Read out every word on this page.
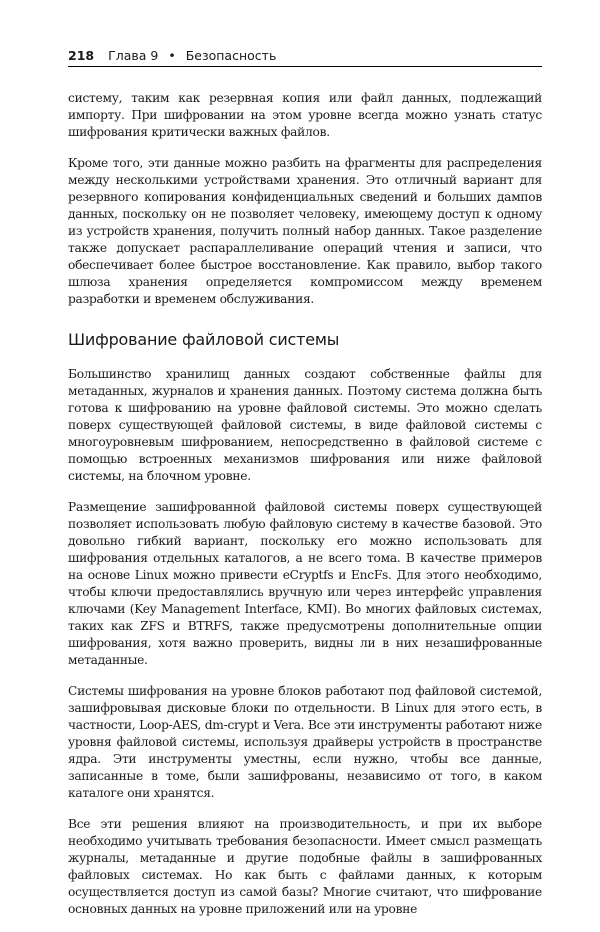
218 Глава 9 • Безопасность

систему, таким как резервная копия или файл данных, подлежащий импорту. При шифровании на этом уровне всегда можно узнать статус шифрования критически важных файлов.

Кроме того, эти данные можно разбить на фрагменты для распределения между несколькими устройствами хранения. Это отличный вариант для резервного копирования конфиденциальных сведений и больших дампов данных, поскольку он не позволяет человеку, имеющему доступ к одному из устройств хранения, получить полный набор данных. Такое разделение также допускает распараллеливание операций чтения и записи, что обеспечивает более быстрое восстановление. Как правило, выбор такого шлюза хранения определяется компромиссом между временем разработки и временем обслуживания.

Шифрование файловой системы

Большинство хранилищ данных создают собственные файлы для метаданных, журналов и хранения данных. Поэтому система должна быть готова к шифрованию на уровне файловой системы. Это можно сделать поверх существующей файловой системы, в виде файловой системы с многоуровневым шифрованием, непосредственно в файловой системе с помощью встроенных механизмов шифрования или ниже файловой системы, на блочном уровне.

Размещение зашифрованной файловой системы поверх существующей позволяет использовать любую файловую систему в качестве базовой. Это довольно гибкий вариант, поскольку его можно использовать для шифрования отдельных каталогов, а не всего тома. В качестве примеров на основе Linux можно привести eCryptfs и EncFs. Для этого необходимо, чтобы ключи предоставлялись вручную или через интерфейс управления ключами (Key Management Interface, KMI). Во многих файловых системах, таких как ZFS и BTRFS, также предусмотрены дополнительные опции шифрования, хотя важно проверить, видны ли в них незашифрованные метаданные.

Системы шифрования на уровне блоков работают под файловой системой, зашифровывая дисковые блоки по отдельности. В Linux для этого есть, в частности, Loop-AES, dm-crypt и Vera. Все эти инструменты работают ниже уровня файловой системы, используя драйверы устройств в пространстве ядра. Эти инструменты уместны, если нужно, чтобы все данные, записанные в томе, были зашифрованы, независимо от того, в каком каталоге они хранятся.

Все эти решения влияют на производительность, и при их выборе необходимо учитывать требования безопасности. Имеет смысл размещать журналы, метаданные и другие подобные файлы в зашифрованных файловых системах. Но как быть с файлами данных, к которым осуществляется доступ из самой базы? Многие считают, что шифрование основных данных на уровне приложений или на уровне
